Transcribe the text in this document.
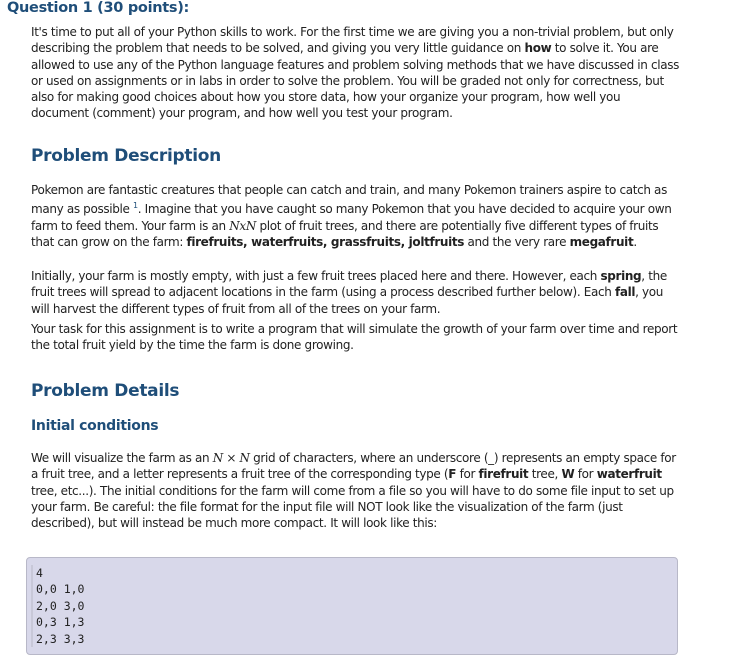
Question 1 (30 points):
It's time to put all of your Python skills to work. For the first time we are giving you a non-trivial problem, but only describing the problem that needs to be solved, and giving you very little guidance on how to solve it. You are allowed to use any of the Python language features and problem solving methods that we have discussed in class or used on assignments or in labs in order to solve the problem. You will be graded not only for correctness, but also for making good choices about how you store data, how your organize your program, how well you document (comment) your program, and how well you test your program.
Problem Description
Pokemon are fantastic creatures that people can catch and train, and many Pokemon trainers aspire to catch as many as possible $^1$. Imagine that you have caught so many Pokemon that you have decided to acquire your own farm to feed them. Your farm is an NxN plot of fruit trees, and there are potentially five different types of fruits that can grow on the farm: firefruits, waterfruits, grassfruits, joltfruits and the very rare megafruit.
Initially, your farm is mostly empty, with just a few fruit trees placed here and there. However, each spring, the fruit trees will spread to adjacent locations in the farm (using a process described further below). Each fall, you will harvest the different types of fruit from all of the trees on your farm.
Your task for this assignment is to write a program that will simulate the growth of your farm over time and report the total fruit yield by the time the farm is done growing.
Problem Details
Initial conditions
We will visualize the farm as an N × N grid of characters, where an underscore (_) represents an empty space for a fruit tree, and a letter represents a fruit tree of the corresponding type (F for firefruit tree, W for waterfruit tree, etc...). The initial conditions for the farm will come from a file so you will have to do some file input to set up your farm. Be careful: the file format for the input file will NOT look like the visualization of the farm (just described), but will instead be much more compact. It will look like this:
4
0,0 1,0
2,0 3,0
0,3 1,3
2,3 3,3
